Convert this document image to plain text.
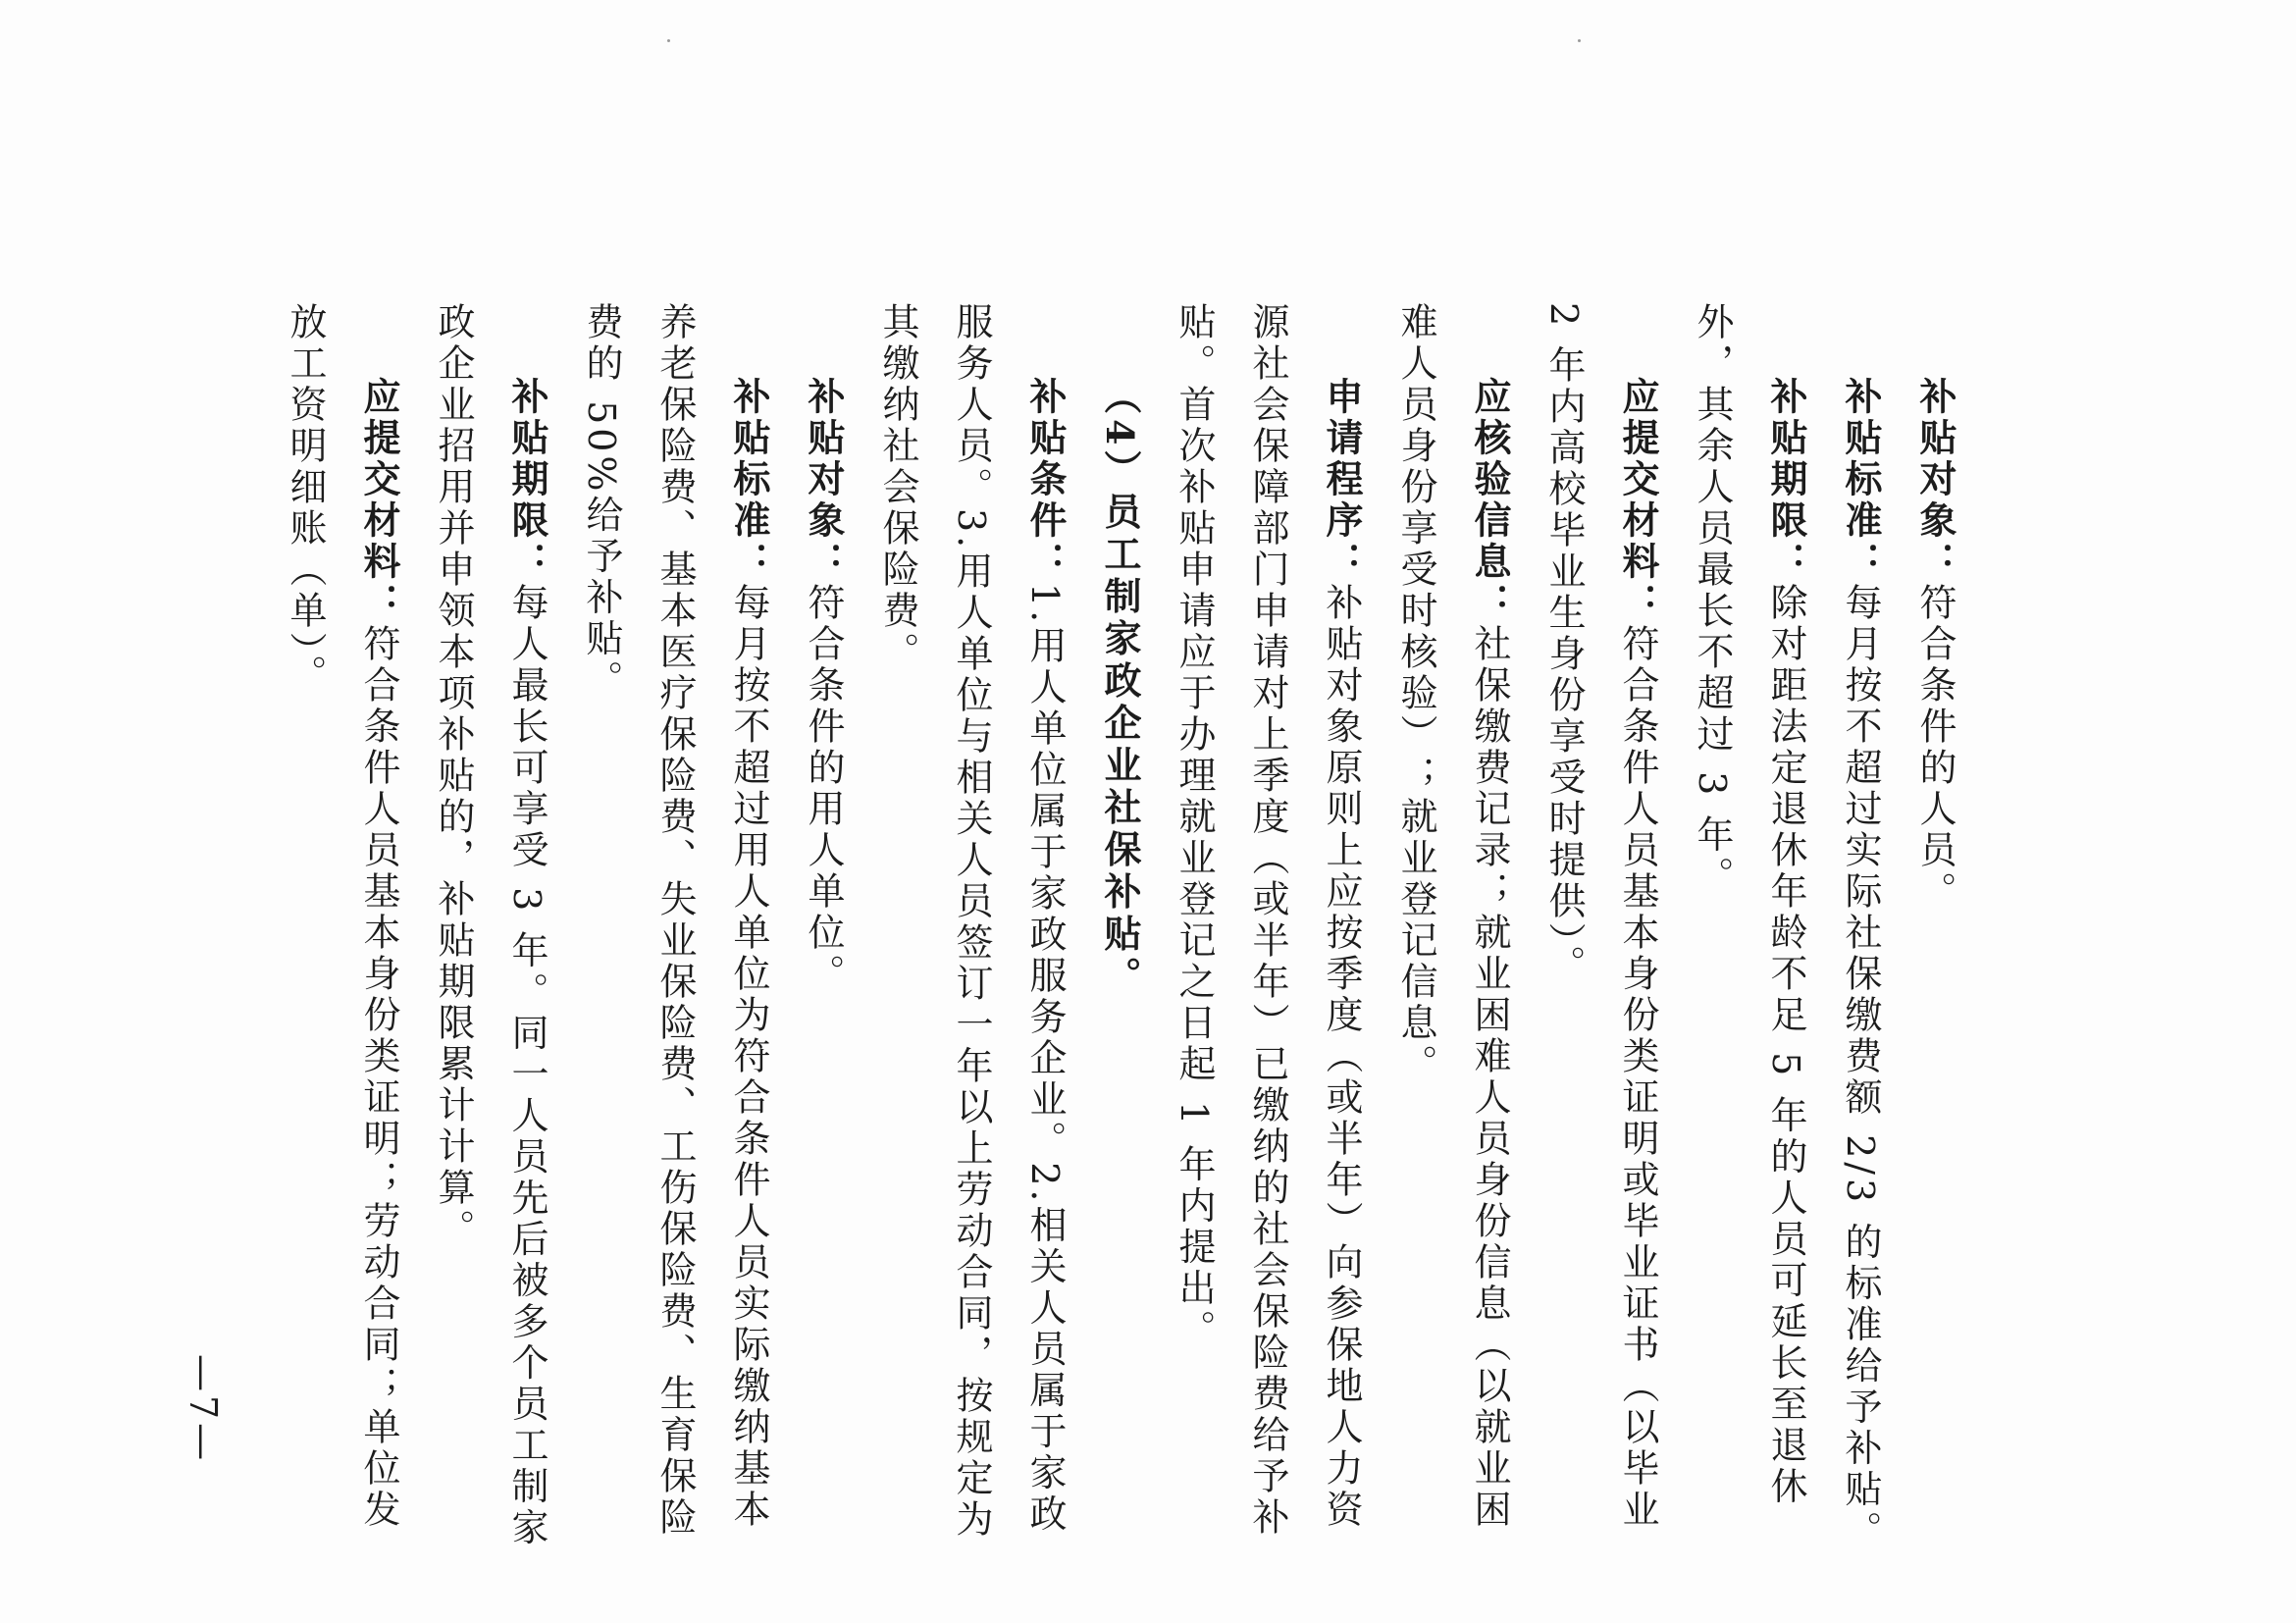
补贴对象：符合条件的人员。

补贴标准：每月按不超过实际社保缴费额 2/3 的标准给予补贴。

补贴期限：除对距法定退休年龄不足 5 年的人员可延长至退休外，其余人员最长不超过 3 年。

应提交材料：符合条件人员基本身份类证明或毕业证书（以毕业 2 年内高校毕业生身份享受时提供）。

应核验信息：社保缴费记录；就业困难人员身份信息（以就业困难人员身份享受时核验）；就业登记信息。

申请程序：补贴对象原则上应按季度（或半年）向参保地人力资源社会保障部门申请对上季度（或半年）已缴纳的社会保险费给予补贴。首次补贴申请应于办理就业登记之日起 1 年内提出。

（4）员工制家政企业社保补贴。

补贴条件：1.用人单位属于家政服务企业。2.相关人员属于家政服务人员。3.用人单位与相关人员签订一年以上劳动合同，按规定为其缴纳社会保险费。

补贴对象：符合条件的用人单位。

补贴标准：每月按不超过用人单位为符合条件人员实际缴纳基本养老保险费、基本医疗保险费、失业保险费、工伤保险费、生育保险费的 50%给予补贴。

补贴期限：每人最长可享受 3 年。同一人员先后被多个员工制家政企业招用并申领本项补贴的，补贴期限累计计算。

应提交材料：符合条件人员基本身份类证明；劳动合同；单位发放工资明细账（单）。

—7—
